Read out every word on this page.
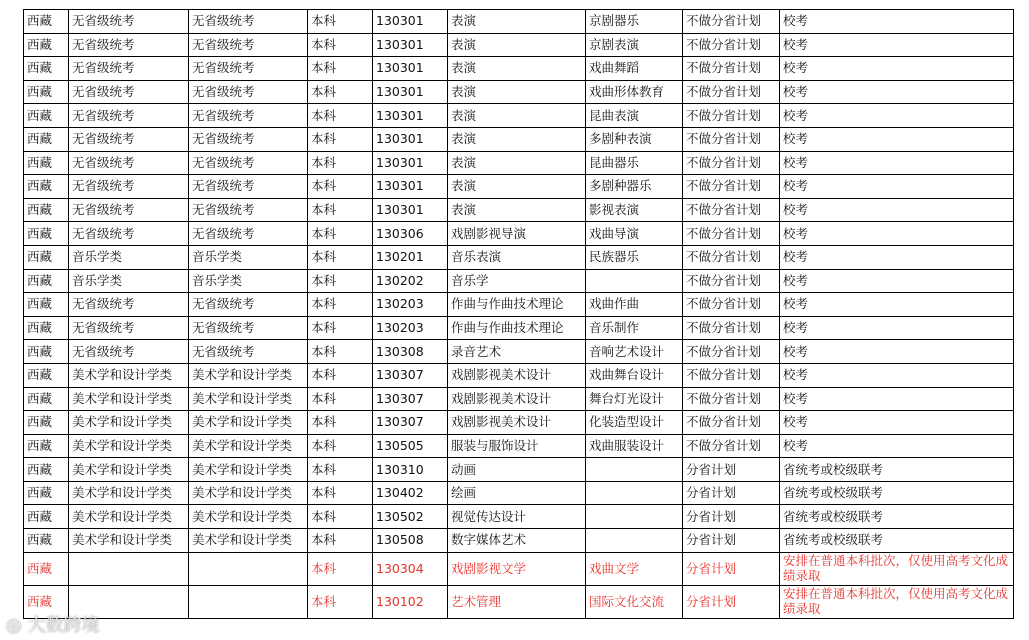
西藏	无省级统考	无省级统考	本科	130301	表演	京剧器乐	不做分省计划	校考
西藏	无省级统考	无省级统考	本科	130301	表演	京剧表演	不做分省计划	校考
西藏	无省级统考	无省级统考	本科	130301	表演	戏曲舞蹈	不做分省计划	校考
西藏	无省级统考	无省级统考	本科	130301	表演	戏曲形体教育	不做分省计划	校考
西藏	无省级统考	无省级统考	本科	130301	表演	昆曲表演	不做分省计划	校考
西藏	无省级统考	无省级统考	本科	130301	表演	多剧种表演	不做分省计划	校考
西藏	无省级统考	无省级统考	本科	130301	表演	昆曲器乐	不做分省计划	校考
西藏	无省级统考	无省级统考	本科	130301	表演	多剧种器乐	不做分省计划	校考
西藏	无省级统考	无省级统考	本科	130301	表演	影视表演	不做分省计划	校考
西藏	无省级统考	无省级统考	本科	130306	戏剧影视导演	戏曲导演	不做分省计划	校考
西藏	音乐学类	音乐学类	本科	130201	音乐表演	民族器乐	不做分省计划	校考
西藏	音乐学类	音乐学类	本科	130202	音乐学		不做分省计划	校考
西藏	无省级统考	无省级统考	本科	130203	作曲与作曲技术理论	戏曲作曲	不做分省计划	校考
西藏	无省级统考	无省级统考	本科	130203	作曲与作曲技术理论	音乐制作	不做分省计划	校考
西藏	无省级统考	无省级统考	本科	130308	录音艺术	音响艺术设计	不做分省计划	校考
西藏	美术学和设计学类	美术学和设计学类	本科	130307	戏剧影视美术设计	戏曲舞台设计	不做分省计划	校考
西藏	美术学和设计学类	美术学和设计学类	本科	130307	戏剧影视美术设计	舞台灯光设计	不做分省计划	校考
西藏	美术学和设计学类	美术学和设计学类	本科	130307	戏剧影视美术设计	化装造型设计	不做分省计划	校考
西藏	美术学和设计学类	美术学和设计学类	本科	130505	服装与服饰设计	戏曲服装设计	不做分省计划	校考
西藏	美术学和设计学类	美术学和设计学类	本科	130310	动画		分省计划	省统考或校级联考
西藏	美术学和设计学类	美术学和设计学类	本科	130402	绘画		分省计划	省统考或校级联考
西藏	美术学和设计学类	美术学和设计学类	本科	130502	视觉传达设计		分省计划	省统考或校级联考
西藏	美术学和设计学类	美术学和设计学类	本科	130508	数字媒体艺术		分省计划	省统考或校级联考
西藏			本科	130304	戏剧影视文学	戏曲文学	分省计划	安排在普通本科批次，仅使用高考文化成绩录取
西藏			本科	130102	艺术管理	国际文化交流	分省计划	安排在普通本科批次，仅使用高考文化成绩录取
◎ 大数跨境
